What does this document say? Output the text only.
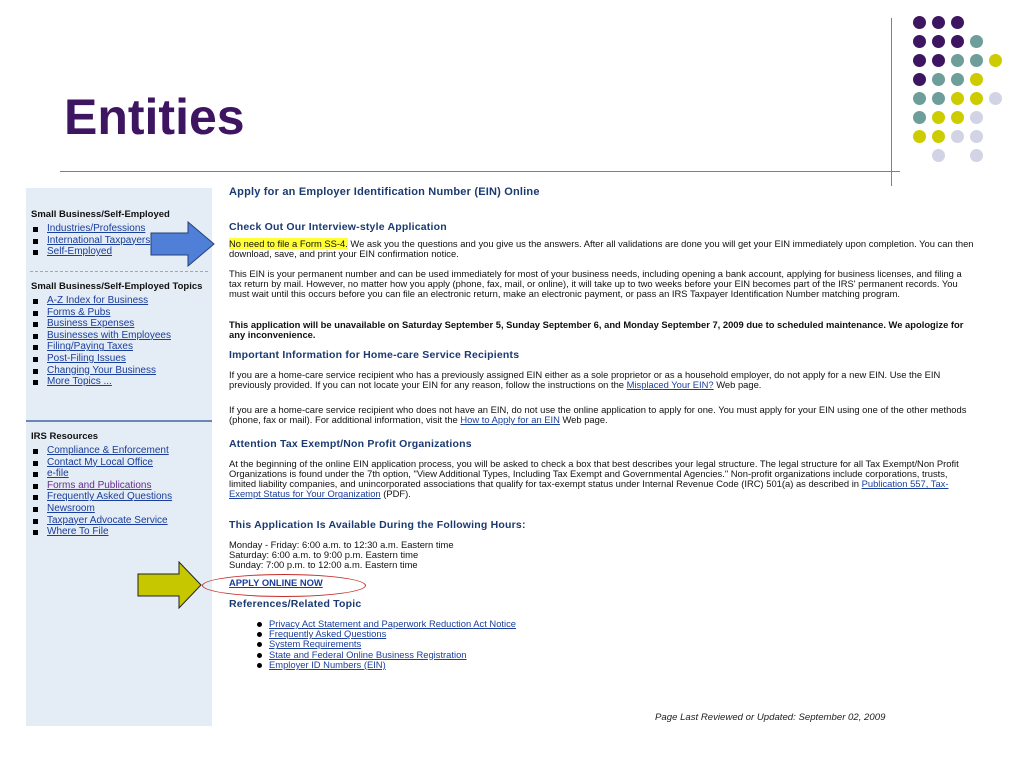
Entities
Small Business/Self-Employed
Industries/Professions
International Taxpayers
Self-Employed
Small Business/Self-Employed Topics
A-Z Index for Business
Forms & Pubs
Business Expenses
Businesses with Employees
Filing/Paying Taxes
Post-Filing Issues
Changing Your Business
More Topics ...
IRS Resources
Compliance & Enforcement
Contact My Local Office
e-file
Forms and Publications
Frequently Asked Questions
Newsroom
Taxpayer Advocate Service
Where To File
Apply for an Employer Identification Number (EIN) Online
Check Out Our Interview-style Application

No need to file a Form SS-4. We ask you the questions and you give us the answers. After all validations are done you will get your EIN immediately upon completion. You can then download, save, and print your EIN confirmation notice.

This EIN is your permanent number and can be used immediately for most of your business needs, including opening a bank account, applying for business licenses, and filing a tax return by mail. However, no matter how you apply (phone, fax, mail, or online), it will take up to two weeks before your EIN becomes part of the IRS' permanent records. You must wait until this occurs before you can file an electronic return, make an electronic payment, or pass an IRS Taxpayer Identification Number matching program.

This application will be unavailable on Saturday September 5, Sunday September 6, and Monday September 7, 2009 due to scheduled maintenance. We apologize for any inconvenience.

Important Information for Home-care Service Recipients

If you are a home-care service recipient who has a previously assigned EIN either as a sole proprietor or as a household employer, do not apply for a new EIN. Use the EIN previously provided. If you can not locate your EIN for any reason, follow the instructions on the Misplaced Your EIN? Web page.

If you are a home-care service recipient who does not have an EIN, do not use the online application to apply for one. You must apply for your EIN using one of the other methods (phone, fax or mail). For additional information, visit the How to Apply for an EIN Web page.

Attention Tax Exempt/Non Profit Organizations

At the beginning of the online EIN application process, you will be asked to check a box that best describes your legal structure. The legal structure for all Tax Exempt/Non Profit Organizations is found under the 7th option, "View Additional Types, Including Tax Exempt and Governmental Agencies." Non-profit organizations include corporations, trusts, limited liability companies, and unincorporated associations that qualify for tax-exempt status under Internal Revenue Code (IRC) 501(a) as described in Publication 557, Tax-Exempt Status for Your Organization (PDF).

This Application Is Available During the Following Hours:

Monday - Friday: 6:00 a.m. to 12:30 a.m. Eastern time

Saturday: 6:00 a.m. to 9:00 p.m. Eastern time

Sunday: 7:00 p.m. to 12:00 a.m. Eastern time

APPLY ONLINE NOW
References/Related Topic
Privacy Act Statement and Paperwork Reduction Act Notice
Frequently Asked Questions
System Requirements
State and Federal Online Business Registration
Employer ID Numbers (EIN)
Page Last Reviewed or Updated: September 02, 2009
